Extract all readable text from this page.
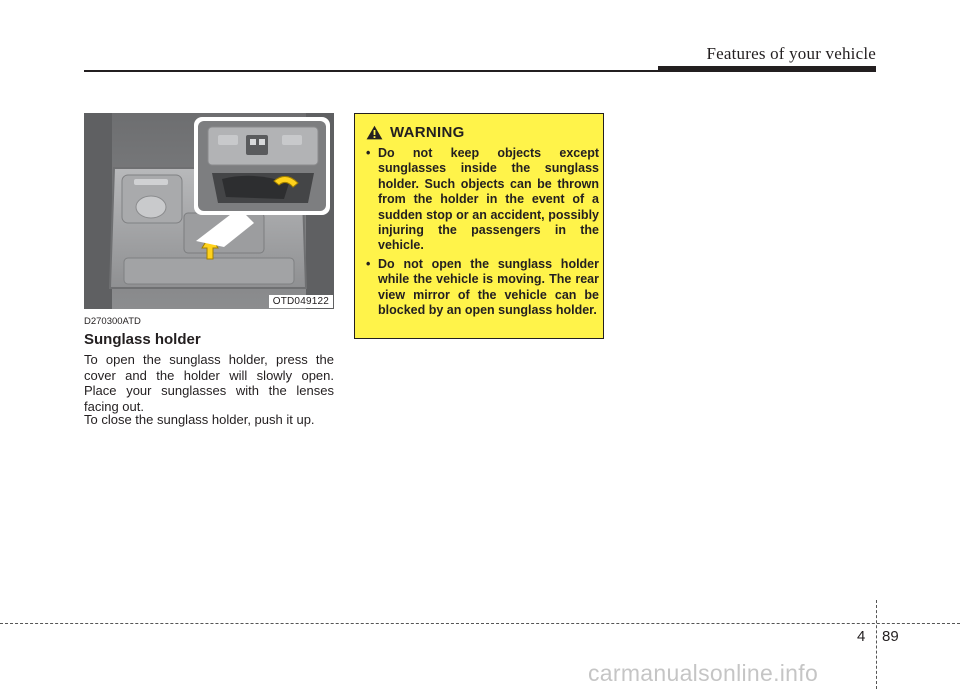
Features of your vehicle
OTD049122
D270300ATD
Sunglass holder

To open the sunglass holder, press the cover and the holder will slowly open. Place your sunglasses with the lenses facing out.

To close the sunglass holder, push it up.

WARNING
• Do not keep objects except sunglasses inside the sunglass holder. Such objects can be thrown from the holder in the event of a sudden stop or an accident, possibly injuring the passengers in the vehicle.
• Do not open the sunglass holder while the vehicle is moving. The rear view mirror of the vehicle can be blocked by an open sunglass holder.
4 89
carmanualsonline.info
